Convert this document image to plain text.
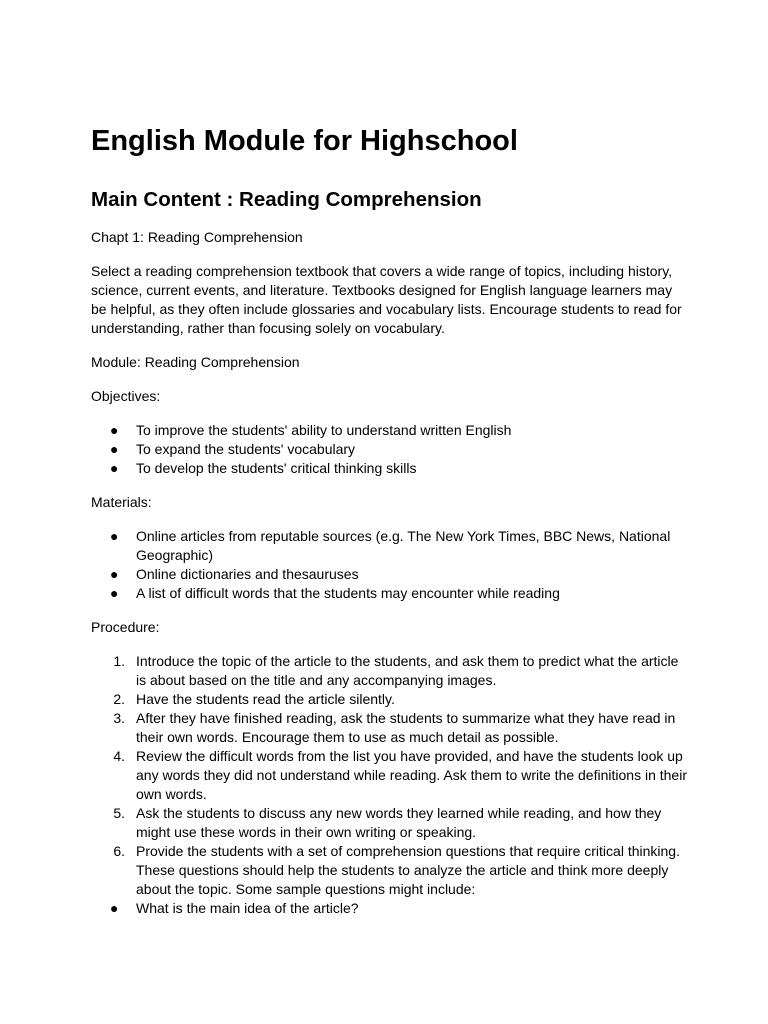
English Module for Highschool
Main Content : Reading Comprehension

Chapt 1: Reading Comprehension

Select a reading comprehension textbook that covers a wide range of topics, including history, science, current events, and literature. Textbooks designed for English language learners may be helpful, as they often include glossaries and vocabulary lists. Encourage students to read for understanding, rather than focusing solely on vocabulary.

Module: Reading Comprehension

Objectives:

● To improve the students' ability to understand written English
● To expand the students' vocabulary
● To develop the students' critical thinking skills

Materials:

● Online articles from reputable sources (e.g. The New York Times, BBC News, National Geographic)
● Online dictionaries and thesauruses
● A list of difficult words that the students may encounter while reading

Procedure:

1. Introduce the topic of the article to the students, and ask them to predict what the article is about based on the title and any accompanying images.
2. Have the students read the article silently.
3. After they have finished reading, ask the students to summarize what they have read in their own words. Encourage them to use as much detail as possible.
4. Review the difficult words from the list you have provided, and have the students look up any words they did not understand while reading. Ask them to write the definitions in their own words.
5. Ask the students to discuss any new words they learned while reading, and how they might use these words in their own writing or speaking.
6. Provide the students with a set of comprehension questions that require critical thinking. These questions should help the students to analyze the article and think more deeply about the topic. Some sample questions might include:
● What is the main idea of the article?
